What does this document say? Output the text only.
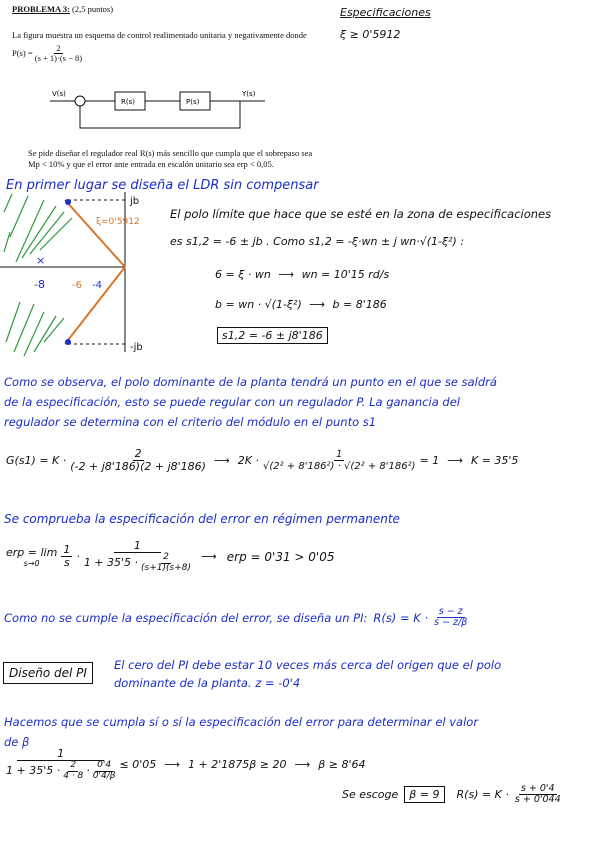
PROBLEMA 3: (2,5 puntos)
La figura muestra un esquema de control realimentado unitaria y negativamente donde
$P(s) = \frac{2}{(s + 1)\cdot(s - 8)}$
V(s)
R(s)	P(s)
Y(s)
Se pide diseñar el regulador real R(s) más sencillo que cumpla que el sobrepaso sea
Mp < 10% y que el error ante entrada en escalón unitario sea erp < 0,05.
Especificaciones
ξ ≥ 0'5912
En primer lugar se diseña el LDR sin compensar
×
-8	-6 -4
ξ=0'5912
jb
-jb
El polo límite que hace que se esté en la zona de especificaciones
es s1,2 = -6 ± jb . Como s1,2 = -ξ·wn ± j wn·√(1-ξ²) :
6 = ξ · wn ⟶ wn = 10'15 rd/s
b = wn · √(1-ξ²) ⟶ b = 8'186
s1,2 = -6 ± j8'186
Como se observa, el polo dominante de la planta tendrá un punto en el que se saldrá
de la especificación, esto se puede regular con un regulador P. La ganancia del
regulador se determina con el criterio del módulo en el punto s1
$G(s1) = K \cdot \frac{2}{(-2 + j8'186)(2 + j8'186)}$ ⟶ $2K \cdot \frac{1}{\text{√(2² + 8'186²) · √(2² + 8'186²)}} = 1$ ⟶ K = 35'5
Se comprueba la especificación del error en régimen permanente
erp = lim
$s\to 0 \frac{1}{s} \cdot \frac{1}{1 + 35'5 \cdot \frac{2}{(s+1)(s+8)}}$ ⟶ erp = 0'31 > 0'05
Como no se cumple la especificación del error, se diseña un PI: $R(s) = K \cdot \frac{s - z}{s - z/\beta}$
Diseño del PI
El cero del PI debe estar 10 veces más cerca del origen que el polo
dominante de la planta. z = -0'4
Hacemos que se cumpla sí o sí la especificación del error para determinar el valor
de β
$\frac{1}{1 + 35'5 \cdot \frac{2}{4 \cdot 8} \cdot \frac{0'4}{0'4/\beta}} \le 0'05$ ⟶ 1 + 2'1875β ≥ 20 ⟶ β ≥ 8'64
Se escoge	β = 9	$R(s) = K \cdot \frac{s + 0'4}{s + 0'044}$
